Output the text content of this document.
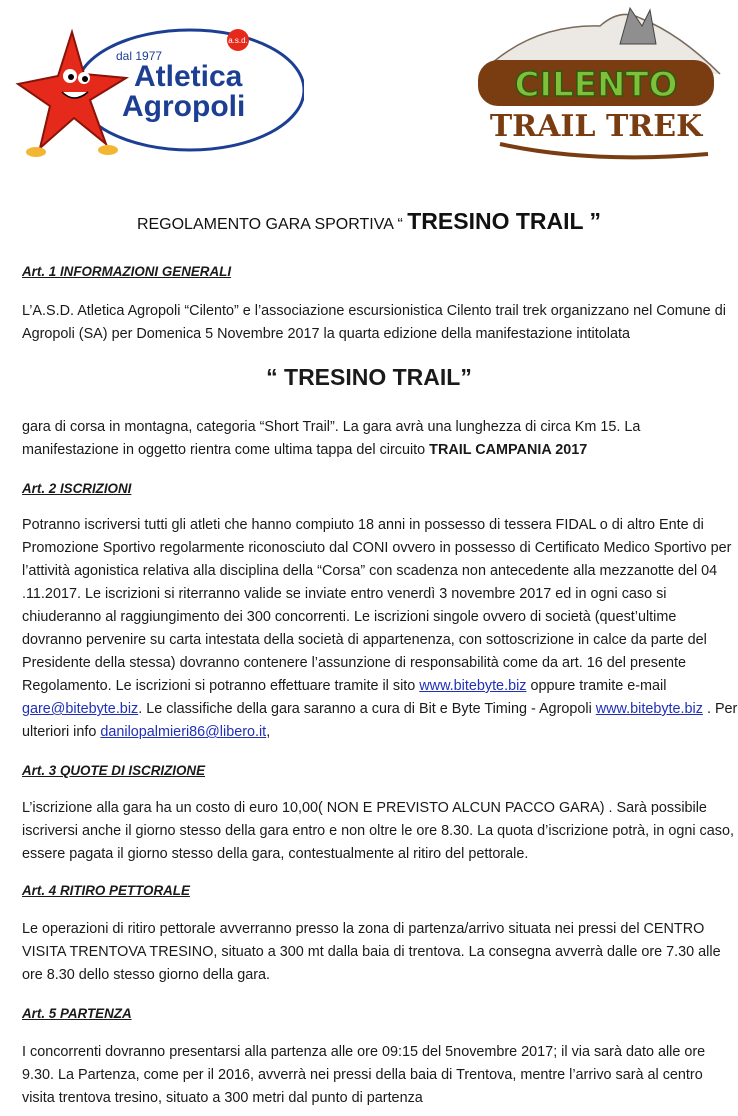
a.s.d.
dal 1977
Atletica
Agropoli
CILENTO
TRAIL TREK
REGOLAMENTO GARA SPORTIVA “ TRESINO TRAIL ”
Art. 1 INFORMAZIONI GENERALI
L’A.S.D. Atletica Agropoli “Cilento” e l’associazione escursionistica Cilento trail trek organizzano nel Comune di Agropoli (SA) per Domenica 5 Novembre 2017 la quarta edizione della manifestazione intitolata
“ TRESINO TRAIL”
gara di corsa in montagna, categoria “Short Trail”. La gara avrà una lunghezza di circa Km 15. La manifestazione in oggetto rientra come ultima tappa del circuito TRAIL CAMPANIA 2017
Art. 2 ISCRIZIONI
Potranno iscriversi tutti gli atleti che hanno compiuto 18 anni in possesso di tessera FIDAL o di altro Ente di Promozione Sportivo regolarmente riconosciuto dal CONI ovvero in possesso di Certificato Medico Sportivo per l’attività agonistica relativa alla disciplina della “Corsa” con scadenza non antecedente alla mezzanotte del 04 .11.2017. Le iscrizioni si riterranno valide se inviate entro venerdì 3 novembre 2017 ed in ogni caso si chiuderanno al raggiungimento dei 300 concorrenti. Le iscrizioni singole ovvero di società (quest’ultime dovranno pervenire su carta intestata della società di appartenenza, con sottoscrizione in calce da parte del Presidente della stessa) dovranno contenere l’assunzione di responsabilità come da art. 16 del presente Regolamento. Le iscrizioni si potranno effettuare tramite il sito www.bitebyte.biz oppure tramite e-mail gare@bitebyte.biz. Le classifiche della gara saranno a cura di Bit e Byte Timing - Agropoli www.bitebyte.biz . Per ulteriori info danilopalmieri86@libero.it,
Art. 3 QUOTE DI ISCRIZIONE
L’iscrizione alla gara ha un costo di euro 10,00( NON E PREVISTO ALCUN PACCO GARA) . Sarà possibile iscriversi anche il giorno stesso della gara entro e non oltre le ore 8.30. La quota d’iscrizione potrà, in ogni caso, essere pagata il giorno stesso della gara, contestualmente al ritiro del pettorale.
Art. 4 RITIRO PETTORALE
Le operazioni di ritiro pettorale avverranno presso la zona di partenza/arrivo situata nei pressi del CENTRO VISITA TRENTOVA TRESINO, situato a 300 mt dalla baia di trentova. La consegna avverrà dalle ore 7.30 alle ore 8.30 dello stesso giorno della gara.
Art. 5 PARTENZA
I concorrenti dovranno presentarsi alla partenza alle ore 09:15 del 5novembre 2017; il via sarà dato alle ore 9.30. La Partenza, come per il 2016, avverrà nei pressi della baia di Trentova, mentre l’arrivo sarà al centro visita trentova tresino, situato a 300 metri dal punto di partenza
